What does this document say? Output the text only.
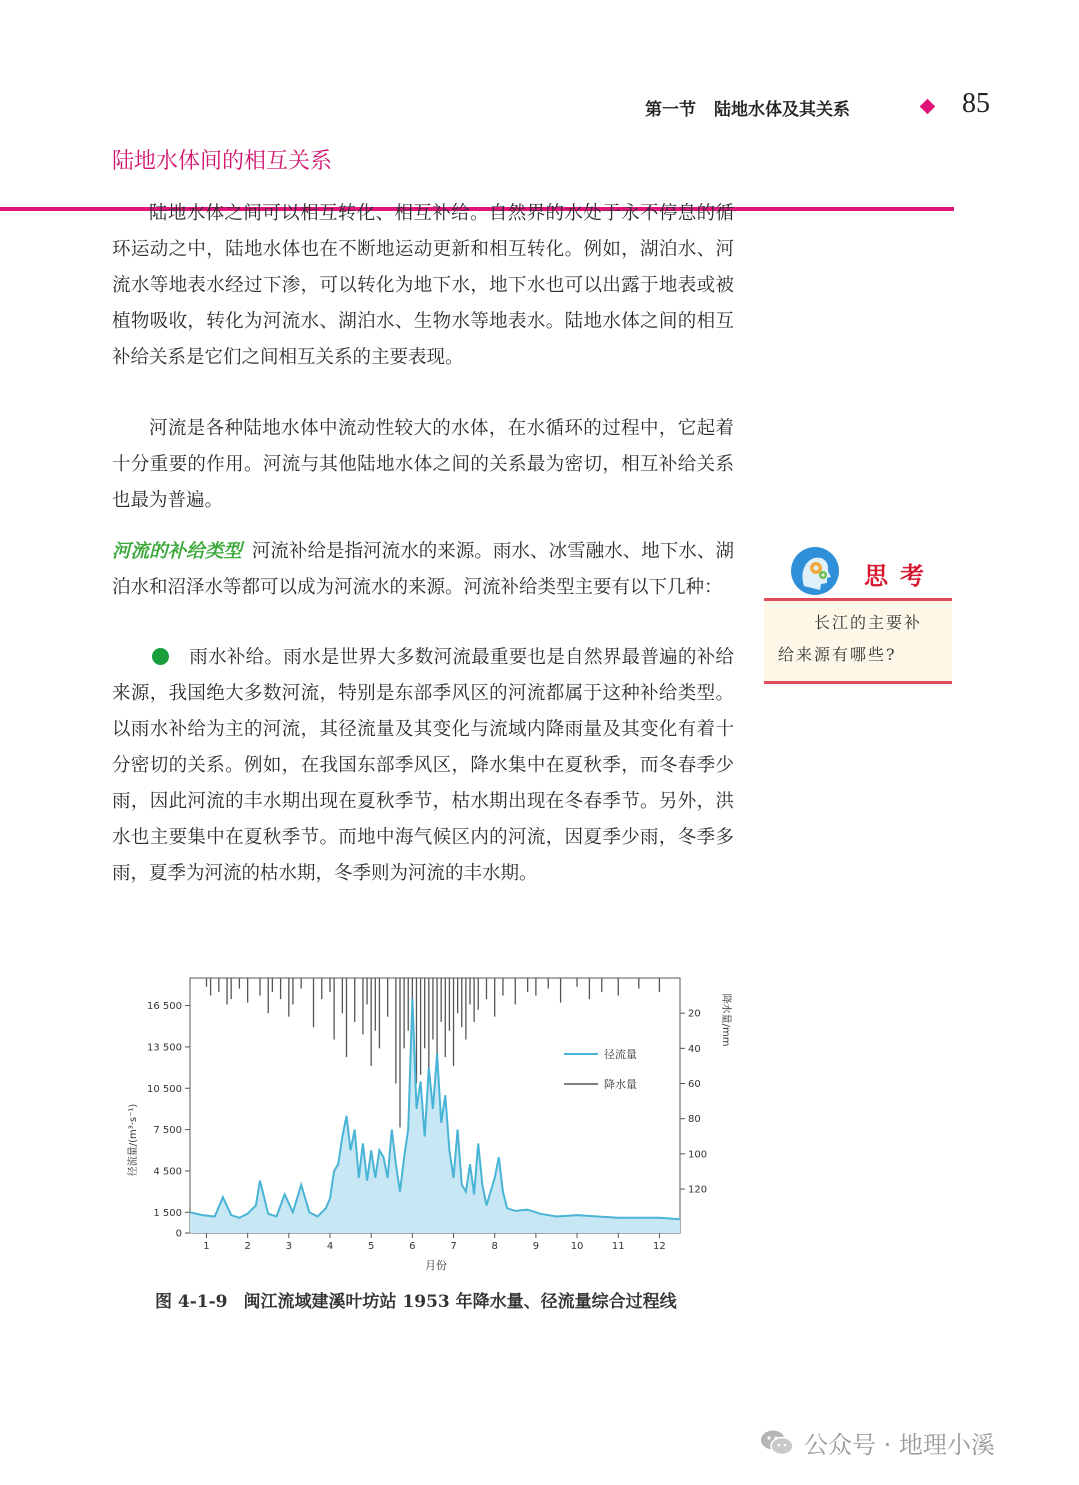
第一节 陆地水体及其关系	85
陆地水体间的相互关系

陆地水体之间可以相互转化、相互补给。自然界的水处于永不停息的循环运动之中，陆地水体也在不断地运动更新和相互转化。例如，湖泊水、河流水等地表水经过下渗，可以转化为地下水，地下水也可以出露于地表或被植物吸收，转化为河流水、湖泊水、生物水等地表水。陆地水体之间的相互补给关系是它们之间相互关系的主要表现。

河流是各种陆地水体中流动性较大的水体，在水循环的过程中，它起着十分重要的作用。河流与其他陆地水体之间的关系最为密切，相互补给关系也最为普遍。

河流的补给类型 河流补给是指河流水的来源。雨水、冰雪融水、地下水、湖泊水和沼泽水等都可以成为河流水的来源。河流补给类型主要有以下几种：

雨水补给。雨水是世界大多数河流最重要也是自然界最普遍的补给来源，我国绝大多数河流，特别是东部季风区的河流都属于这种补给类型。以雨水补给为主的河流，其径流量及其变化与流域内降雨量及其变化有着十分密切的关系。例如，在我国东部季风区，降水集中在夏秋季，而冬春季少雨，因此河流的丰水期出现在夏秋季节，枯水期出现在冬春季节。另外，洪水也主要集中在夏秋季节。而地中海气候区内的河流，因夏季少雨，冬季多雨，夏季为河流的枯水期，冬季则为河流的丰水期。

思考
长江的主要补
给来源有哪些?
1	2	3	4	5	6	7	8	9	10	11	12
0
1 500
4 500
7 500
10 500
13 500
16 500
20
40
60
80
100
120
月份
径流量/(m³·s⁻¹)
降水量/mm
径流量
降水量
图 4-1-9 闽江流域建溪叶坊站 1953 年降水量、径流量综合过程线
公众号 · 地理小溪
